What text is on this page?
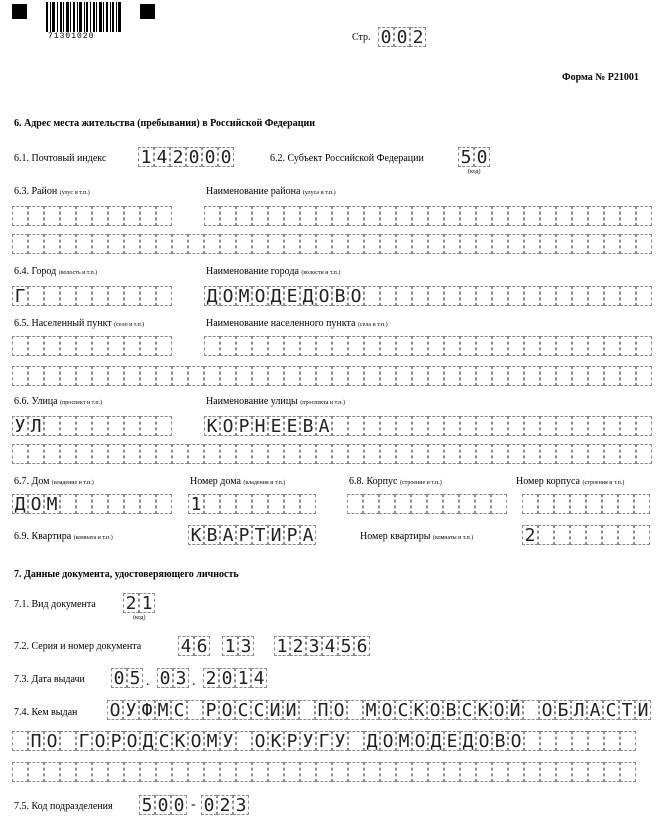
71301020	Стр. 0 0 2
Форма № Р21001
6. Адрес места жительства (пребывания) в Российской Федерации
6.1. Почтовый индекс 1 4 2 0 0 0	6.2. Субъект Российской Федерации 5 0
(код)
6.3. Район (улус и т.п.)	Наименование района (улуса и т.п.)
6.4. Город (волость и т.п.)	Наименование города (волости и т.п.)
Г	Д О М О Д Е Д О В О
6.5. Населенный пункт (село и т.п.)	Наименование населенного пункта (села и т.п.)
6.6. Улица (проспект и т.п.)	Наименование улицы (проспекта и т.п.)
У Л	К О Р Н Е Е В А
6.7. Дом (владение и т.п.)	Номер дома (владения и т.п.)	6.8. Корпус (строение и т.п.)	Номер корпуса (строения и т.п.)
Д О М	1
6.9. Квартира (комната и т.п.)	К В А Р Т И Р А	Номер квартиры (комнаты и т.п.)	2
7. Данные документа, удостоверяющего личность
7.1. Вид документа 2 1
(код)
7.2. Серия и номер документа 4 6 1 3 1 2 3 4 5 6
7.3. Дата выдачи 0 5 . 0 3 . 2 0 1 4
7.4. Кем выдан О У Ф М С Р О С С И И П О М О С К О В С К О Й О Б Л А С Т И
П О Г О Р О Д С К О М У О К Р У Г У Д О М О Д Е Д О В О
7.5. Код подразделения 5 0 0 - 0 2 3
